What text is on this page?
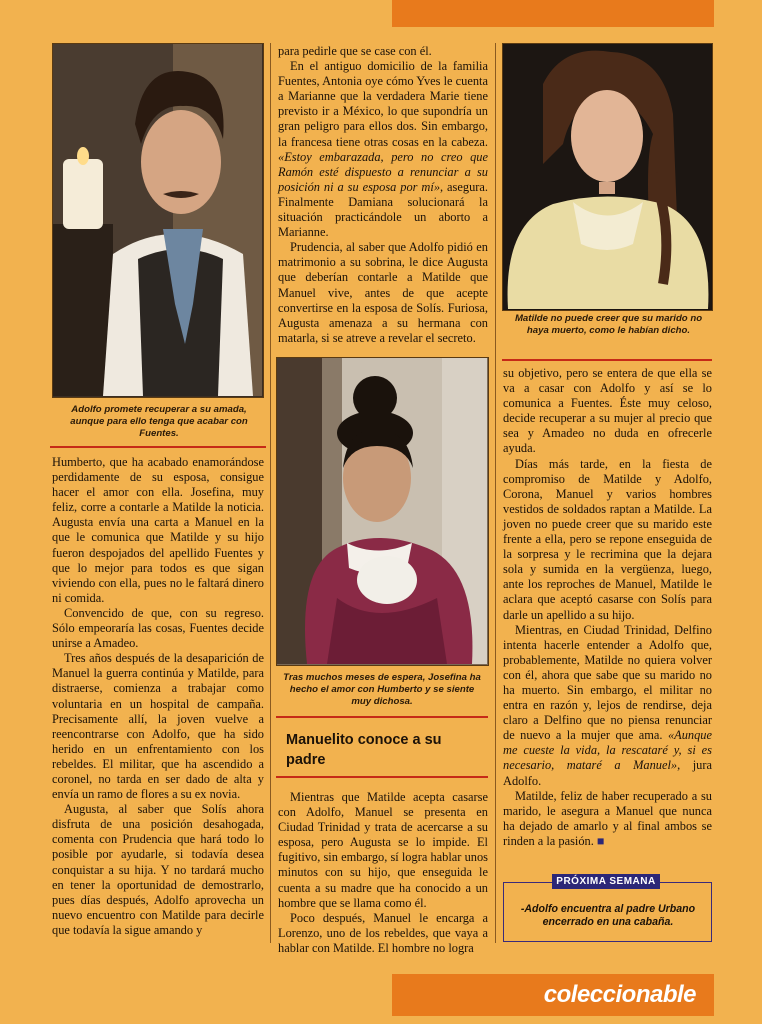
Adolfo promete recuperar a su amada, aunque para ello tenga que acabar con Fuentes.

Humberto, que ha acabado enamorándose perdidamente de su esposa, consigue hacer el amor con ella. Josefina, muy feliz, corre a contarle a Matilde la noticia. Augusta envía una carta a Manuel en la que le comunica que Matilde y su hijo fueron despojados del apellido Fuentes y que lo mejor para todos es que sigan viviendo con ella, pues no le faltará dinero ni comida.

Convencido de que, con su regreso. Sólo empeoraría las cosas, Fuentes decide unirse a Amadeo.

Tres años después de la desaparición de Manuel la guerra continúa y Matilde, para distraerse, comienza a trabajar como voluntaria en un hospital de campaña. Precisamente allí, la joven vuelve a reencontrarse con Adolfo, que ha sido herido en un enfrentamiento con los rebeldes. El militar, que ha ascendido a coronel, no tarda en ser dado de alta y envía un ramo de flores a su ex novia.

Augusta, al saber que Solís ahora disfruta de una posición desahogada, comenta con Prudencia que hará todo lo posible por ayudarle, si todavía desea conquistar a su hija. Y no tardará mucho en tener la oportunidad de demostrarlo, pues días después, Adolfo aprovecha un nuevo encuentro con Matilde para decirle que todavía la sigue amando y

para pedirle que se case con él.

En el antiguo domicilio de la familia Fuentes, Antonia oye cómo Yves le cuenta a Marianne que la verdadera Marie tiene previsto ir a México, lo que supondría un gran peligro para ellos dos. Sin embargo, la francesa tiene otras cosas en la cabeza. «Estoy embarazada, pero no creo que Ramón esté dispuesto a renunciar a su posición ni a su esposa por mí», asegura. Finalmente Damiana solucionará la situación practicándole un aborto a Marianne.

Prudencia, al saber que Adolfo pidió en matrimonio a su sobrina, le dice Augusta que deberían contarle a Matilde que Manuel vive, antes de que acepte convertirse en la esposa de Solís. Furiosa, Augusta amenaza a su hermana con matarla, si se atreve a revelar el secreto.

Tras muchos meses de espera, Josefina ha hecho el amor con Humberto y se siente muy dichosa.
Manuelito conoce a su padre

Mientras que Matilde acepta casarse con Adolfo, Manuel se presenta en Ciudad Trinidad y trata de acercarse a su esposa, pero Augusta se lo impide. El fugitivo, sin embargo, sí logra hablar unos minutos con su hijo, que enseguida le cuenta a su madre que ha conocido a un hombre que se llama como él.

Poco después, Manuel le encarga a Lorenzo, uno de los rebeldes, que vaya a hablar con Matilde. El hombre no logra

Matilde no puede creer que su marido no haya muerto, como le habían dicho.

su objetivo, pero se entera de que ella se va a casar con Adolfo y así se lo comunica a Fuentes. Éste muy celoso, decide recuperar a su mujer al precio que sea y Amadeo no duda en ofrecerle ayuda.

Días más tarde, en la fiesta de compromiso de Matilde y Adolfo, Corona, Manuel y varios hombres vestidos de soldados raptan a Matilde. La joven no puede creer que su marido este frente a ella, pero se repone enseguida de la sorpresa y le recrimina que la dejara sola y sumida en la vergüenza, luego, ante los reproches de Manuel, Matilde le aclara que aceptó casarse con Solís para darle un apellido a su hijo.

Mientras, en Ciudad Trinidad, Delfino intenta hacerle entender a Adolfo que, probablemente, Matilde no quiera volver con él, ahora que sabe que su marido no ha muerto. Sin embargo, el militar no entra en razón y, lejos de rendirse, deja claro a Delfino que no piensa renunciar de nuevo a la mujer que ama. «Aunque me cueste la vida, la rescataré y, si es necesario, mataré a Manuel», jura Adolfo.

Matilde, feliz de haber recuperado a su marido, le asegura a Manuel que nunca ha dejado de amarlo y al final ambos se rinden a la pasión. ■

PRÓXIMA SEMANA
-Adolfo encuentra al padre Urbano encerrado en una cabaña.
coleccionable
